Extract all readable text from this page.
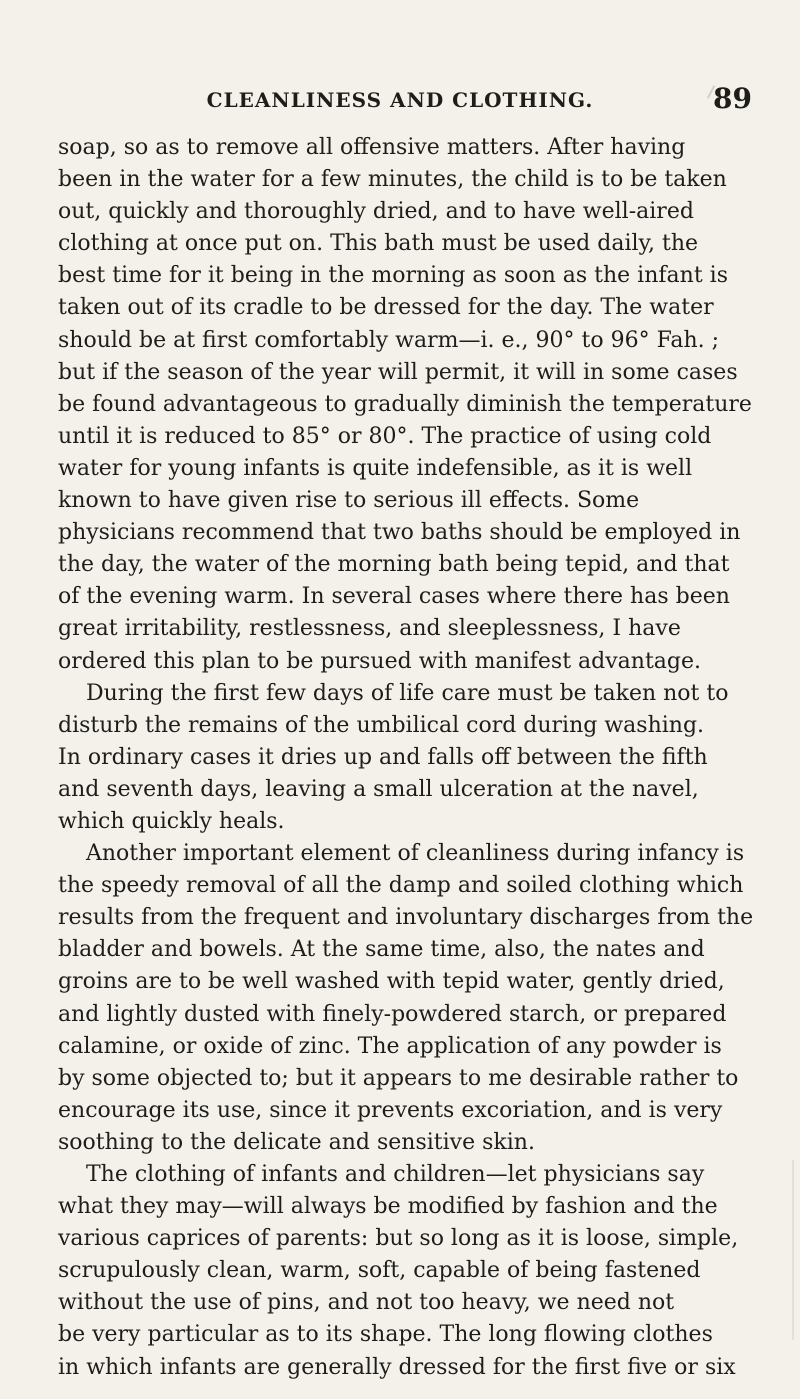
CLEANLINESS AND CLOTHING.	89
soap, so as to remove all offensive matters. After having
been in the water for a few minutes, the child is to be taken
out, quickly and thoroughly dried, and to have well-aired
clothing at once put on. This bath must be used daily, the
best time for it being in the morning as soon as the infant is
taken out of its cradle to be dressed for the day. The water
should be at first comfortably warm—i. e., 90° to 96° Fah. ;
but if the season of the year will permit, it will in some cases
be found advantageous to gradually diminish the temperature
until it is reduced to 85° or 80°. The practice of using cold
water for young infants is quite indefensible, as it is well
known to have given rise to serious ill effects. Some
physicians recommend that two baths should be employed in
the day, the water of the morning bath being tepid, and that
of the evening warm. In several cases where there has been
great irritability, restlessness, and sleeplessness, I have
ordered this plan to be pursued with manifest advantage.
During the first few days of life care must be taken not to
disturb the remains of the umbilical cord during washing.
In ordinary cases it dries up and falls off between the fifth
and seventh days, leaving a small ulceration at the navel,
which quickly heals.
Another important element of cleanliness during infancy is
the speedy removal of all the damp and soiled clothing which
results from the frequent and involuntary discharges from the
bladder and bowels. At the same time, also, the nates and
groins are to be well washed with tepid water, gently dried,
and lightly dusted with finely-powdered starch, or prepared
calamine, or oxide of zinc. The application of any powder is
by some objected to; but it appears to me desirable rather to
encourage its use, since it prevents excoriation, and is very
soothing to the delicate and sensitive skin.
The clothing of infants and children—let physicians say
what they may—will always be modified by fashion and the
various caprices of parents: but so long as it is loose, simple,
scrupulously clean, warm, soft, capable of being fastened
without the use of pins, and not too heavy, we need not
be very particular as to its shape. The long flowing clothes
in which infants are generally dressed for the first five or six
